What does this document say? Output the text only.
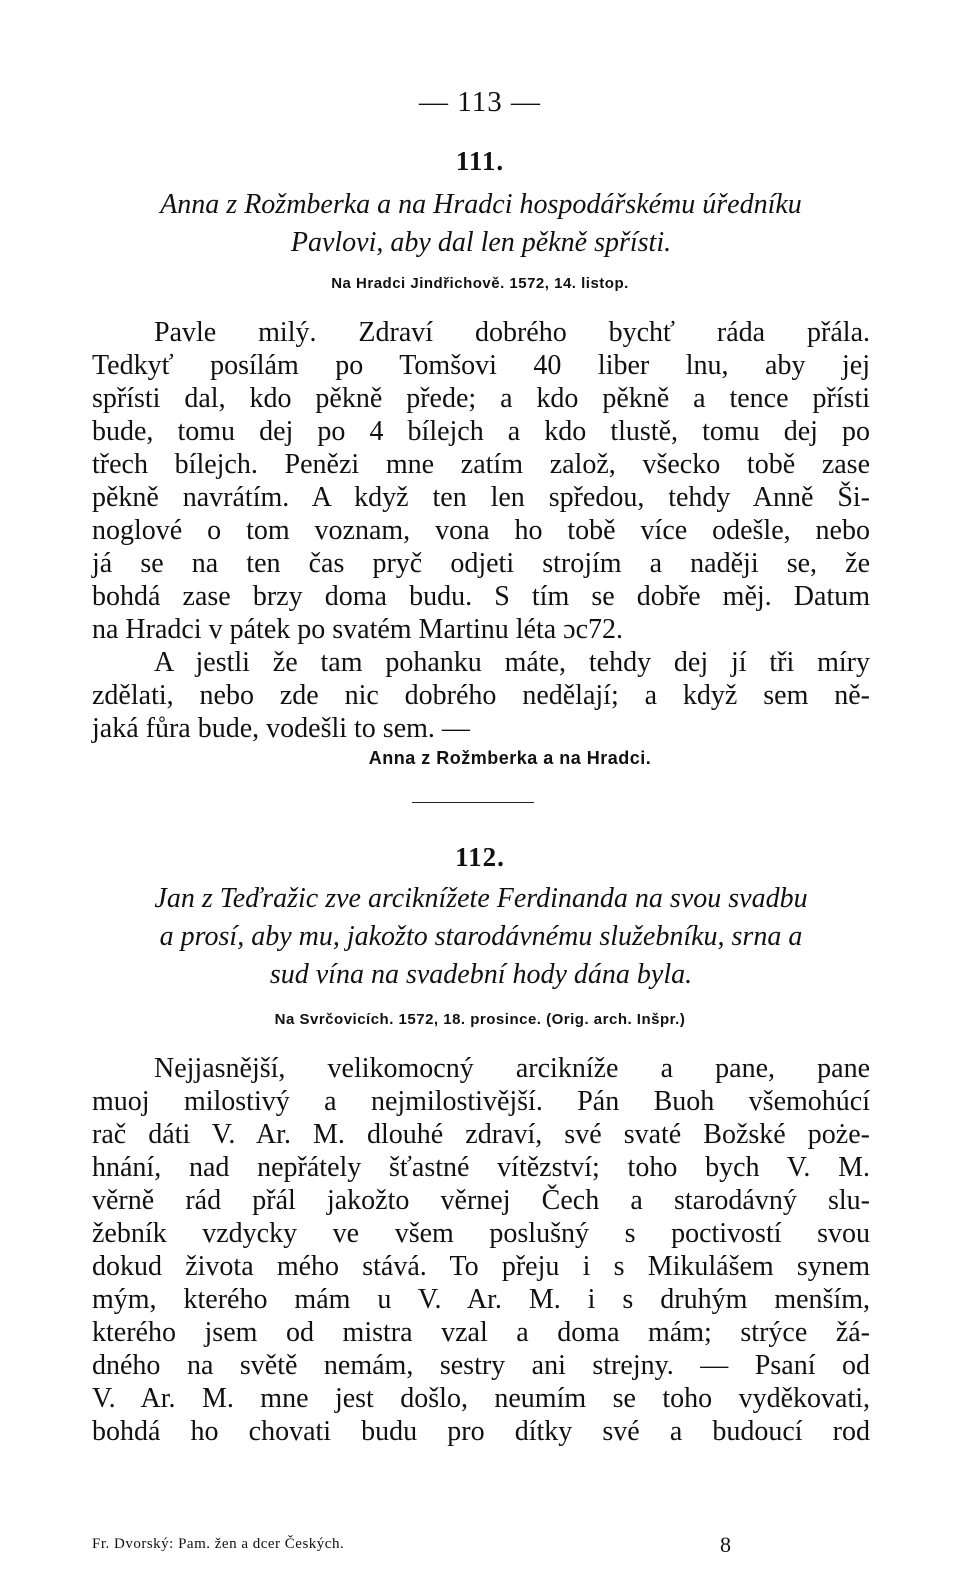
— 113 —
111.
Anna z Rožmberka a na Hradci hospodářskému úředníku
Pavlovi, aby dal len pěkně spřísti.
Na Hradci Jindřichově. 1572, 14. listop.
Pavle milý. Zdraví dobrého bychť ráda přála.
Tedkyť posílám po Tomšovi 40 liber lnu, aby jej
spřísti dal, kdo pěkně přede; a kdo pěkně a tence přísti
bude, tomu dej po 4 bílejch a kdo tlustě, tomu dej po
třech bílejch. Penězi mne zatím založ, všecko tobě zase
pěkně navrátím. A když ten len spředou, tehdy Anně Ši-
noglové o tom voznam, vona ho tobě více odešle, nebo
já se na ten čas pryč odjeti strojím a naději se, že
bohdá zase brzy doma budu. S tím se dobře měj. Datum
na Hradci v pátek po svatém Martinu léta ɔc72.
A jestli že tam pohanku máte, tehdy dej jí tři míry
zdělati, nebo zde nic dobrého nedělají; a když sem ně-
jaká fůra bude, vodešli to sem. —
Anna z Rožmberka a na Hradci.
112.
Jan z Teďražic zve arciknížete Ferdinanda na svou svadbu
a prosí, aby mu, jakožto starodávnému služebníku, srna a
sud vína na svadební hody dána byla.
Na Svrčovicích. 1572, 18. prosince. (Orig. arch. Inšpr.)
Nejjasnější, velikomocný arcikníže a pane, pane
muoj milostivý a nejmilostivější. Pán Buoh všemohúcí
rač dáti V. Ar. M. dlouhé zdraví, své svaté Božské poże-
hnání, nad nepřátely šťastné vítězství; toho bych V. M.
věrně rád přál jakožto věrnej Čech a starodávný slu-
žebník vzdycky ve všem poslušný s poctivostí svou
dokud života mého stává. To přeju i s Mikulášem synem
mým, kterého mám u V. Ar. M. i s druhým menším,
kterého jsem od mistra vzal a doma mám; strýce žá-
dného na světě nemám, sestry ani strejny. — Psaní od
V. Ar. M. mne jest došlo, neumím se toho vyděkovati,
bohdá ho chovati budu pro dítky své a budoucí rod
Fr. Dvorský: Pam. žen a dcer Českých.	8
